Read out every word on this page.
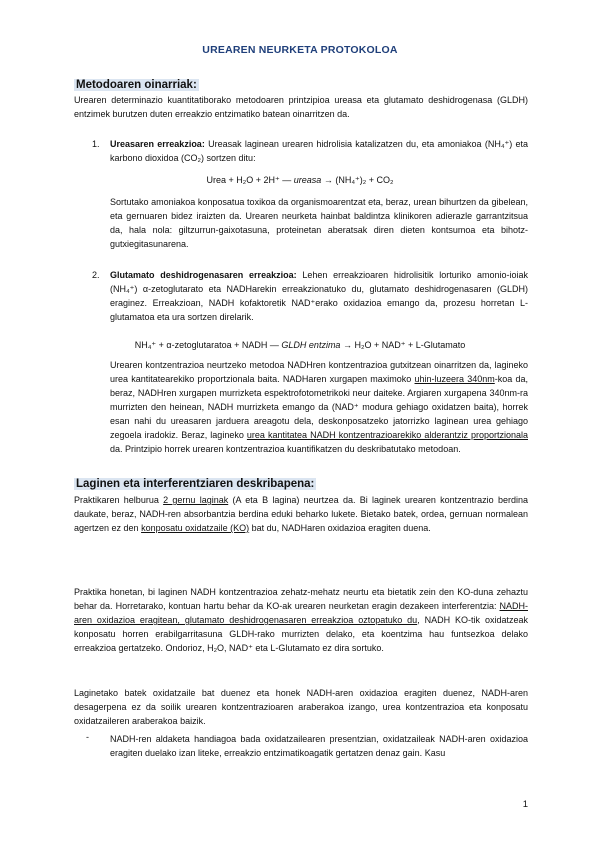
UREAREN NEURKETA PROTOKOLOA
Metodoaren oinarriak:
Urearen determinazio kuantitatiborako metodoaren printzipioa ureasa eta glutamato deshidrogenasa (GLDH) entzimek burutzen duten erreakzio entzimatiko batean oinarritzen da.
1. Ureasaren erreakzioa: Ureasak laginean urearen hidrolisia katalizatzen du, eta amoniakoa (NH₄⁺) eta karbono dioxidoa (CO₂) sortzen ditu:
Urea + H₂O + 2H⁺ — ureasa → (NH₄⁺)₂ + CO₂
Sortutako amoniakoa konposatua toxikoa da organismoarentzat eta, beraz, urean bihurtzen da gibelean, eta gernuaren bidez iraizten da. Urearen neurketa hainbat baldintza klinikoren adierazle garrantzitsua da, hala nola: giltzurrun-gaixotasuna, proteinetan aberatsak diren dieten kontsumoa eta bihotz-gutxiegitasunarena.
2. Glutamato deshidrogenasaren erreakzioa: Lehen erreakzioaren hidrolisitik lorturiko amonio-ioiak (NH₄⁺) α-zetoglutarato eta NADHarekin erreakzionatuko du, glutamato deshidrogenasaren (GLDH) eraginez. Erreakzioan, NADH kofaktoretik NAD⁺erako oxidazioa emango da, prozesu horretan L-glutamatoa eta ura sortzen direlarik.
NH₄⁺ + α-zetoglutaratoa + NADH — GLDH entzima → H₂O + NAD⁺ + L-Glutamato
Urearen kontzentrazioa neurtzeko metodoa NADHren kontzentrazioa gutxitzean oinarritzen da, lagineko urea kantitatearekiko proportzionala baita. NADHaren xurgapen maximoko uhin-luzeera 340nm-koa da, beraz, NADHren xurgapen murrizketa espektrofotometrikoki neur daiteke. Argiaren xurgapena 340nm-ra murrizten den heinean, NADH murrizketa emango da (NAD⁺ modura gehiago oxidatzen baita), horrek esan nahi du ureasaren jarduera areagotu dela, deskonposatzeko jatorrizko laginean urea gehiago zegoela iradokiz. Beraz, lagineko urea kantitatea NADH kontzentrazioarekiko alderantziz proportzionala da. Printzipio horrek urearen kontzentrazioa kuantifikatzen du deskribatutako metodoan.
Laginen eta interferentziaren deskribapena:
Praktikaren helburua 2 gernu laginak (A eta B lagina) neurtzea da. Bi laginek urearen kontzentrazio berdina daukate, beraz, NADH-ren absorbantzia berdina eduki beharko lukete. Bietako batek, ordea, gernuan normalean agertzen ez den konposatu oxidatzaile (KO) bat du, NADHaren oxidazioa eragiten duena.
Praktika honetan, bi laginen NADH kontzentrazioa zehatz-mehatz neurtu eta bietatik zein den KO-duna zehaztu behar da. Horretarako, kontuan hartu behar da KO-ak urearen neurketan eragin dezakeen interferentzia: NADH-aren oxidazioa eragitean, glutamato deshidrogenasaren erreakzioa oztopatuko du, NADH KO-tik oxidatzeak konposatu horren erabilgarritasuna GLDH-rako murrizten delako, eta koentzima hau funtsezkoa delako erreakzioa gertatzeko. Ondorioz, H₂O, NAD⁺ eta L-Glutamato ez dira sortuko.
Laginetako batek oxidatzaile bat duenez eta honek NADH-aren oxidazioa eragiten duenez, NADH-aren desagerpena ez da soilik urearen kontzentrazioaren araberakoa izango, urea kontzentrazioa eta konposatu oxidatzaileren araberakoa baizik.
- NADH-ren aldaketa handiagoa bada oxidatzailearen presentzian, oxidatzaileak NADH-aren oxidazioa eragiten duelako izan liteke, erreakzio entzimatikoagatik gertatzen denaz gain. Kasu
1
